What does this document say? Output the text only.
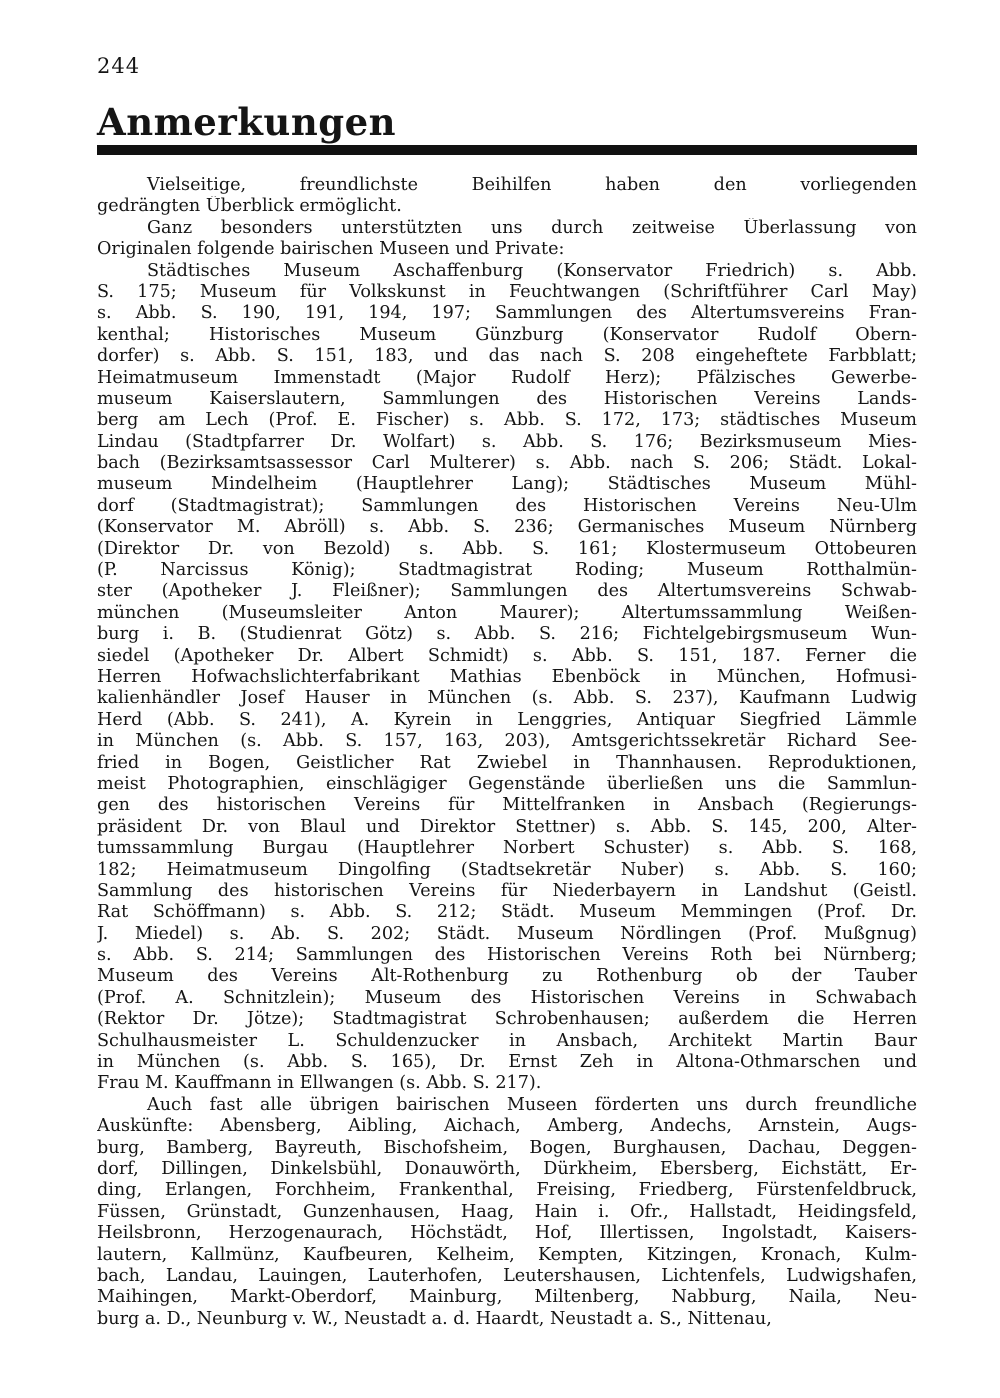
244
Anmerkungen
Vielseitige, freundlichste Beihilfen haben den vorliegenden
gedrängten Überblick ermöglicht.
Ganz besonders unterstützten uns durch zeitweise Überlassung von
Originalen folgende bairischen Museen und Private:
Städtisches Museum Aschaffenburg (Konservator Friedrich) s. Abb.
S. 175; Museum für Volkskunst in Feuchtwangen (Schriftführer Carl May)
s. Abb. S. 190, 191, 194, 197; Sammlungen des Altertumsvereins Fran-
kenthal; Historisches Museum Günzburg (Konservator Rudolf Obern-
dorfer) s. Abb. S. 151, 183, und das nach S. 208 eingeheftete Farbblatt;
Heimatmuseum Immenstadt (Major Rudolf Herz); Pfälzisches Gewerbe-
museum Kaiserslautern, Sammlungen des Historischen Vereins Lands-
berg am Lech (Prof. E. Fischer) s. Abb. S. 172, 173; städtisches Museum
Lindau (Stadtpfarrer Dr. Wolfart) s. Abb. S. 176; Bezirksmuseum Mies-
bach (Bezirksamtsassessor Carl Multerer) s. Abb. nach S. 206; Städt. Lokal-
museum Mindelheim (Hauptlehrer Lang); Städtisches Museum Mühl-
dorf (Stadtmagistrat); Sammlungen des Historischen Vereins Neu-Ulm
(Konservator M. Abröll) s. Abb. S. 236; Germanisches Museum Nürnberg
(Direktor Dr. von Bezold) s. Abb. S. 161; Klostermuseum Ottobeuren
(P. Narcissus König); Stadtmagistrat Roding; Museum Rotthalmün-
ster (Apotheker J. Fleißner); Sammlungen des Altertumsvereins Schwab-
münchen (Museumsleiter Anton Maurer); Altertumssammlung Weißen-
burg i. B. (Studienrat Götz) s. Abb. S. 216; Fichtelgebirgsmuseum Wun-
siedel (Apotheker Dr. Albert Schmidt) s. Abb. S. 151, 187. Ferner die
Herren Hofwachslichterfabrikant Mathias Ebenböck in München, Hofmusi-
kalienhändler Josef Hauser in München (s. Abb. S. 237), Kaufmann Ludwig
Herd (Abb. S. 241), A. Kyrein in Lenggries, Antiquar Siegfried Lämmle
in München (s. Abb. S. 157, 163, 203), Amtsgerichtssekretär Richard See-
fried in Bogen, Geistlicher Rat Zwiebel in Thannhausen. Reproduktionen,
meist Photographien, einschlägiger Gegenstände überließen uns die Sammlun-
gen des historischen Vereins für Mittelfranken in Ansbach (Regierungs-
präsident Dr. von Blaul und Direktor Stettner) s. Abb. S. 145, 200, Alter-
tumssammlung Burgau (Hauptlehrer Norbert Schuster) s. Abb. S. 168,
182; Heimatmuseum Dingolfing (Stadtsekretär Nuber) s. Abb. S. 160;
Sammlung des historischen Vereins für Niederbayern in Landshut (Geistl.
Rat Schöffmann) s. Abb. S. 212; Städt. Museum Memmingen (Prof. Dr.
J. Miedel) s. Ab. S. 202; Städt. Museum Nördlingen (Prof. Mußgnug)
s. Abb. S. 214; Sammlungen des Historischen Vereins Roth bei Nürnberg;
Museum des Vereins Alt-Rothenburg zu Rothenburg ob der Tauber
(Prof. A. Schnitzlein); Museum des Historischen Vereins in Schwabach
(Rektor Dr. Jötze); Stadtmagistrat Schrobenhausen; außerdem die Herren
Schulhausmeister L. Schuldenzucker in Ansbach, Architekt Martin Baur
in München (s. Abb. S. 165), Dr. Ernst Zeh in Altona-Othmarschen und
Frau M. Kauffmann in Ellwangen (s. Abb. S. 217).
Auch fast alle übrigen bairischen Museen förderten uns durch freundliche
Auskünfte: Abensberg, Aibling, Aichach, Amberg, Andechs, Arnstein, Augs-
burg, Bamberg, Bayreuth, Bischofsheim, Bogen, Burghausen, Dachau, Deggen-
dorf, Dillingen, Dinkelsbühl, Donauwörth, Dürkheim, Ebersberg, Eichstätt, Er-
ding, Erlangen, Forchheim, Frankenthal, Freising, Friedberg, Fürstenfeldbruck,
Füssen, Grünstadt, Gunzenhausen, Haag, Hain i. Ofr., Hallstadt, Heidingsfeld,
Heilsbronn, Herzogenaurach, Höchstädt, Hof, Illertissen, Ingolstadt, Kaisers-
lautern, Kallmünz, Kaufbeuren, Kelheim, Kempten, Kitzingen, Kronach, Kulm-
bach, Landau, Lauingen, Lauterhofen, Leutershausen, Lichtenfels, Ludwigshafen,
Maihingen, Markt-Oberdorf, Mainburg, Miltenberg, Nabburg, Naila, Neu-
burg a. D., Neunburg v. W., Neustadt a. d. Haardt, Neustadt a. S., Nittenau,
